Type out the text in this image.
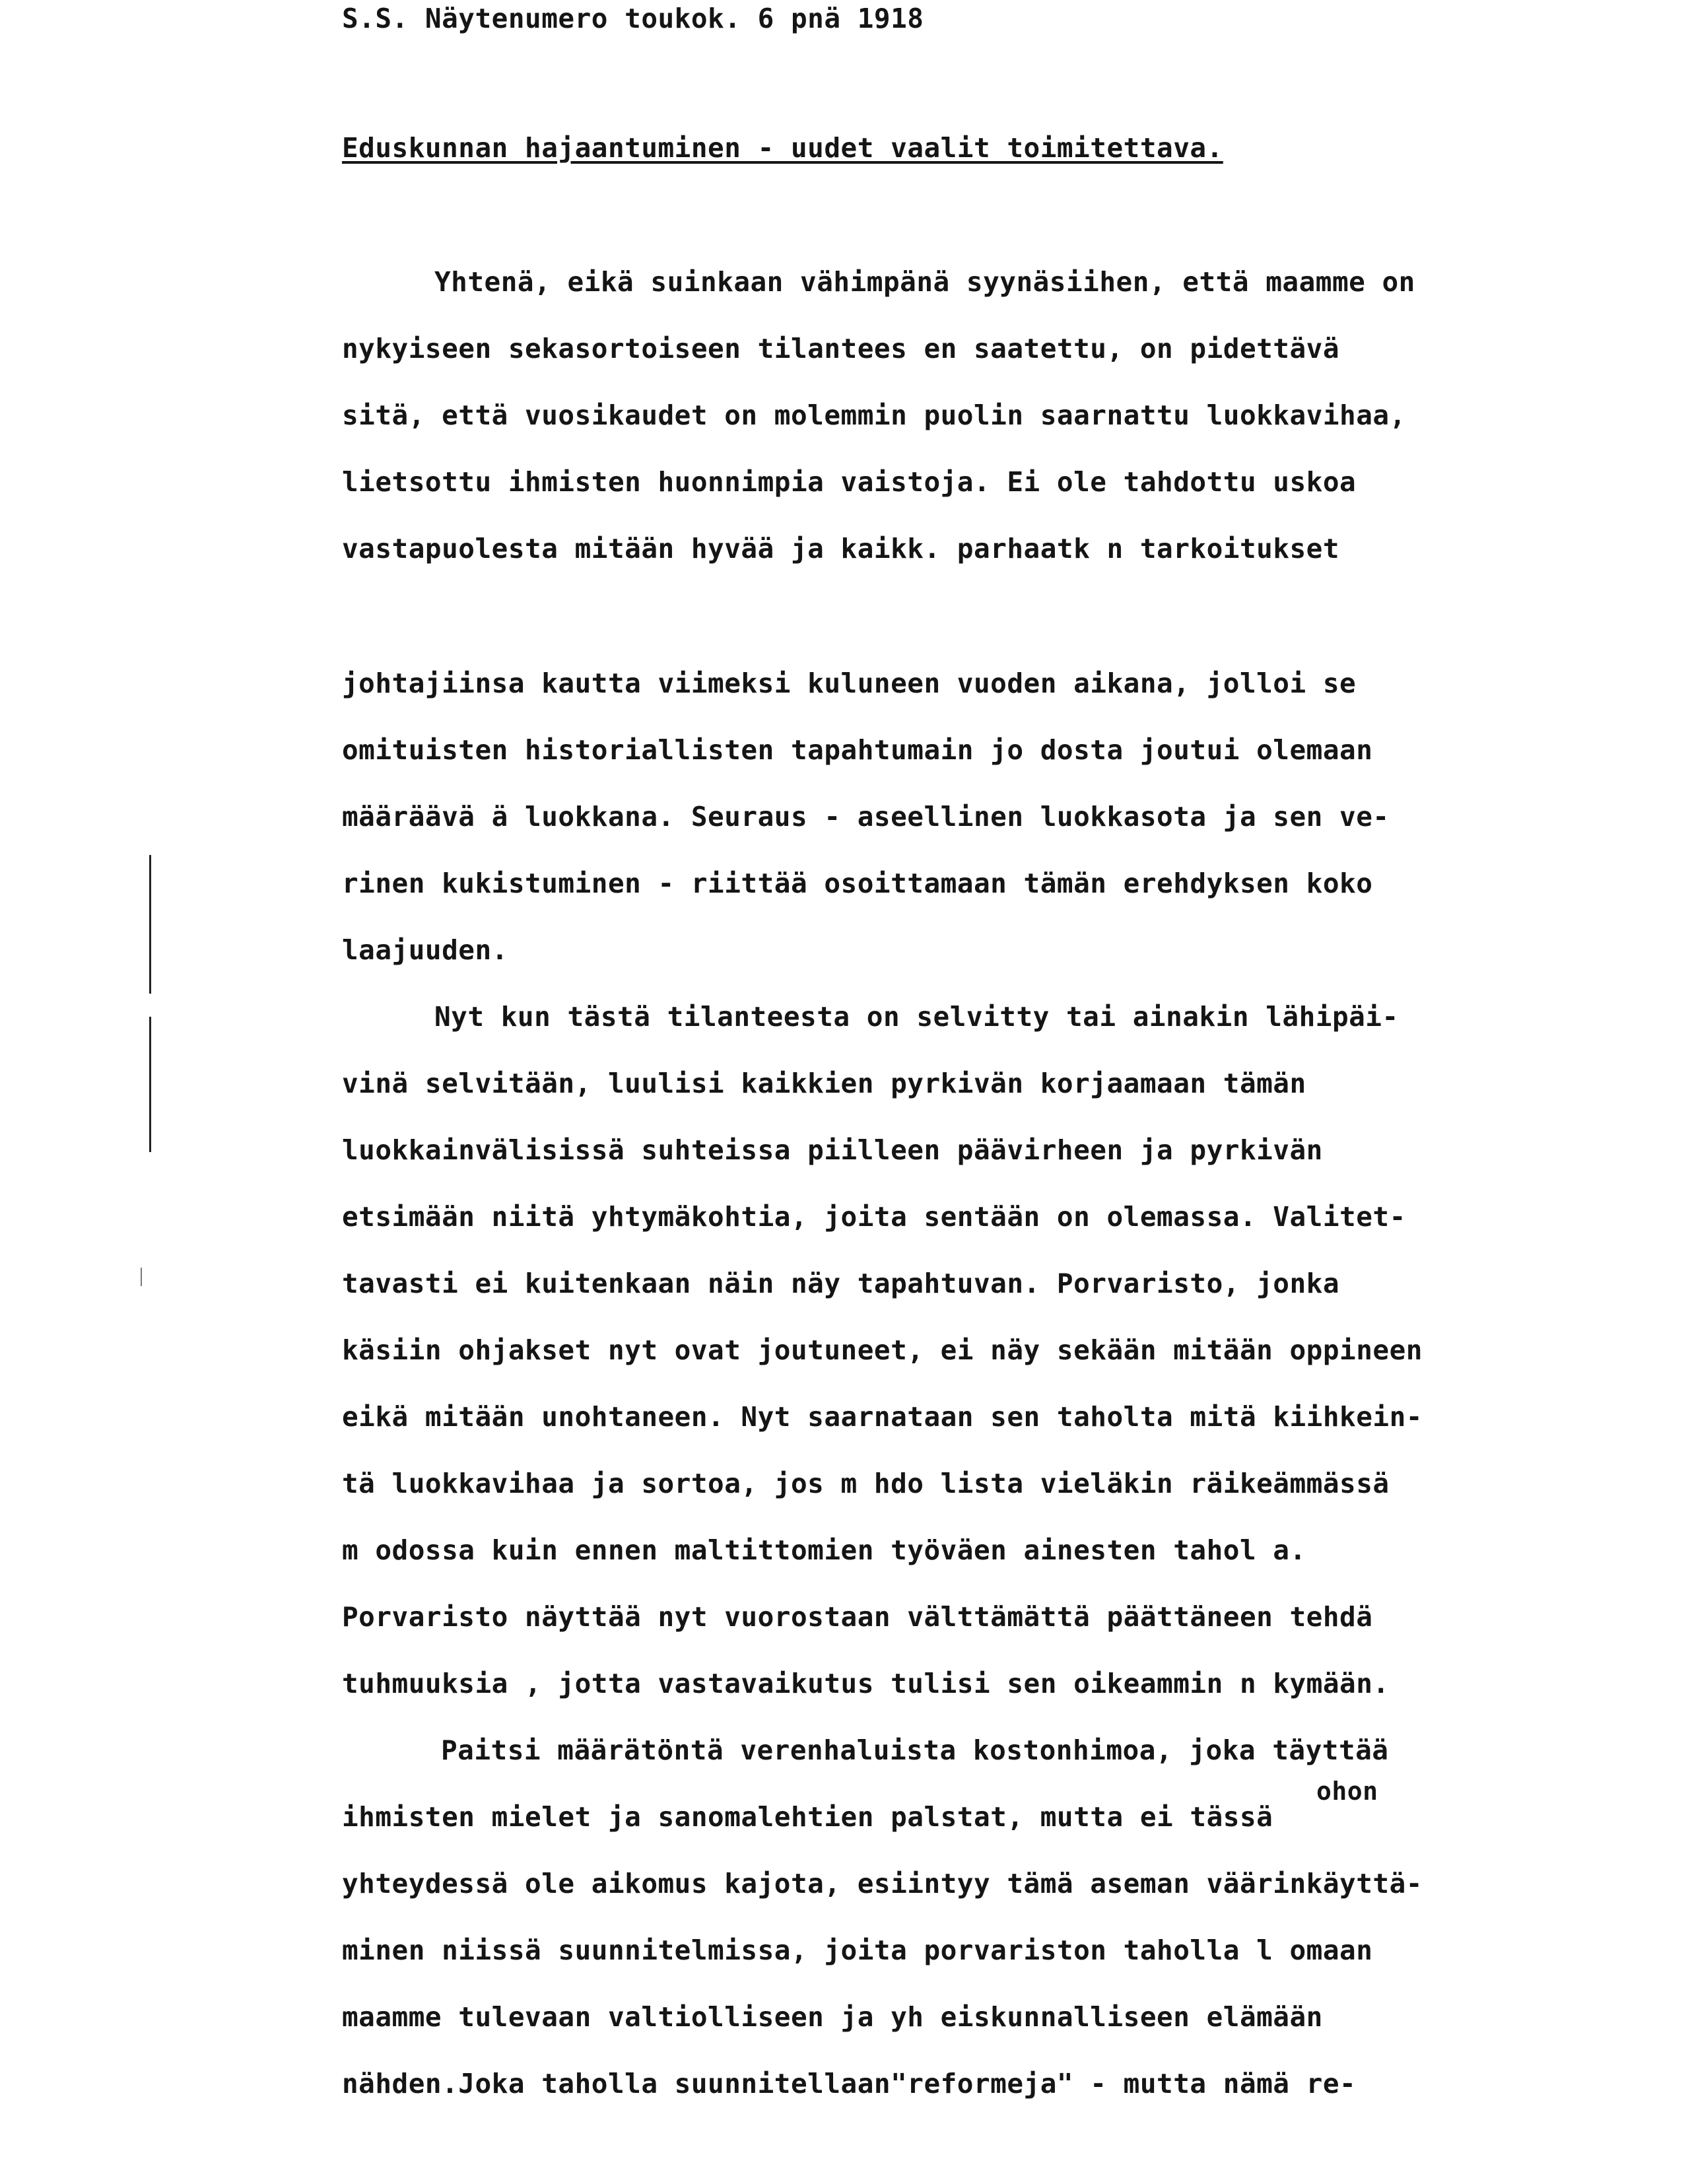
S.S. Näytenumero toukok. 6 pnä 1918
Eduskunnan hajaantuminen - uudet vaalit toimitettava.
Yhtenä, eikä suinkaan vähimpänä syynäsiihen, että maamme on
nykyiseen sekasortoiseen tilantees en saatettu, on pidettävä
sitä, että vuosikaudet on molemmin puolin saarnattu luokkavihaa,
lietsottu ihmisten huonnimpia vaistoja. Ei ole tahdottu uskoa
vastapuolesta mitään hyvää ja kaikk. parhaatk n tarkoitukset
johtajiinsa kautta viimeksi kuluneen vuoden aikana, jolloi se
omituisten historiallisten tapahtumain jo dosta joutui olemaan
määräävä ä luokkana. Seuraus - aseellinen luokkasota ja sen ve-
rinen kukistuminen - riittää osoittamaan tämän erehdyksen koko
laajuuden.
Nyt kun tästä tilanteesta on selvitty tai ainakin lähipäi-
vinä selvitään, luulisi kaikkien pyrkivän korjaamaan tämän
luokkainvälisissä suhteissa piilleen päävirheen ja pyrkivän
etsimään niitä yhtymäkohtia, joita sentään on olemassa. Valitet-
tavasti ei kuitenkaan näin näy tapahtuvan. Porvaristo, jonka
käsiin ohjakset nyt ovat joutuneet, ei näy sekään mitään oppineen
eikä mitään unohtaneen. Nyt saarnataan sen taholta mitä kiihkein-
tä luokkavihaa ja sortoa, jos m hdo lista vieläkin räikeämmässä
m odossa kuin ennen maltittomien työväen ainesten tahol a.
Porvaristo näyttää nyt vuorostaan välttämättä päättäneen tehdä
tuhmuuksia , jotta vastavaikutus tulisi sen oikeammin n kymään.
Paitsi määrätöntä verenhaluista kostonhimoa, joka täyttää
ohon
ihmisten mielet ja sanomalehtien palstat, mutta ei tässä
yhteydessä ole aikomus kajota, esiintyy tämä aseman väärinkäyttä-
minen niissä suunnitelmissa, joita porvariston taholla l omaan
maamme tulevaan valtiolliseen ja yh eiskunnalliseen elämään
nähden.Joka taholla suunnitellaan"reformeja" - mutta nämä re-
